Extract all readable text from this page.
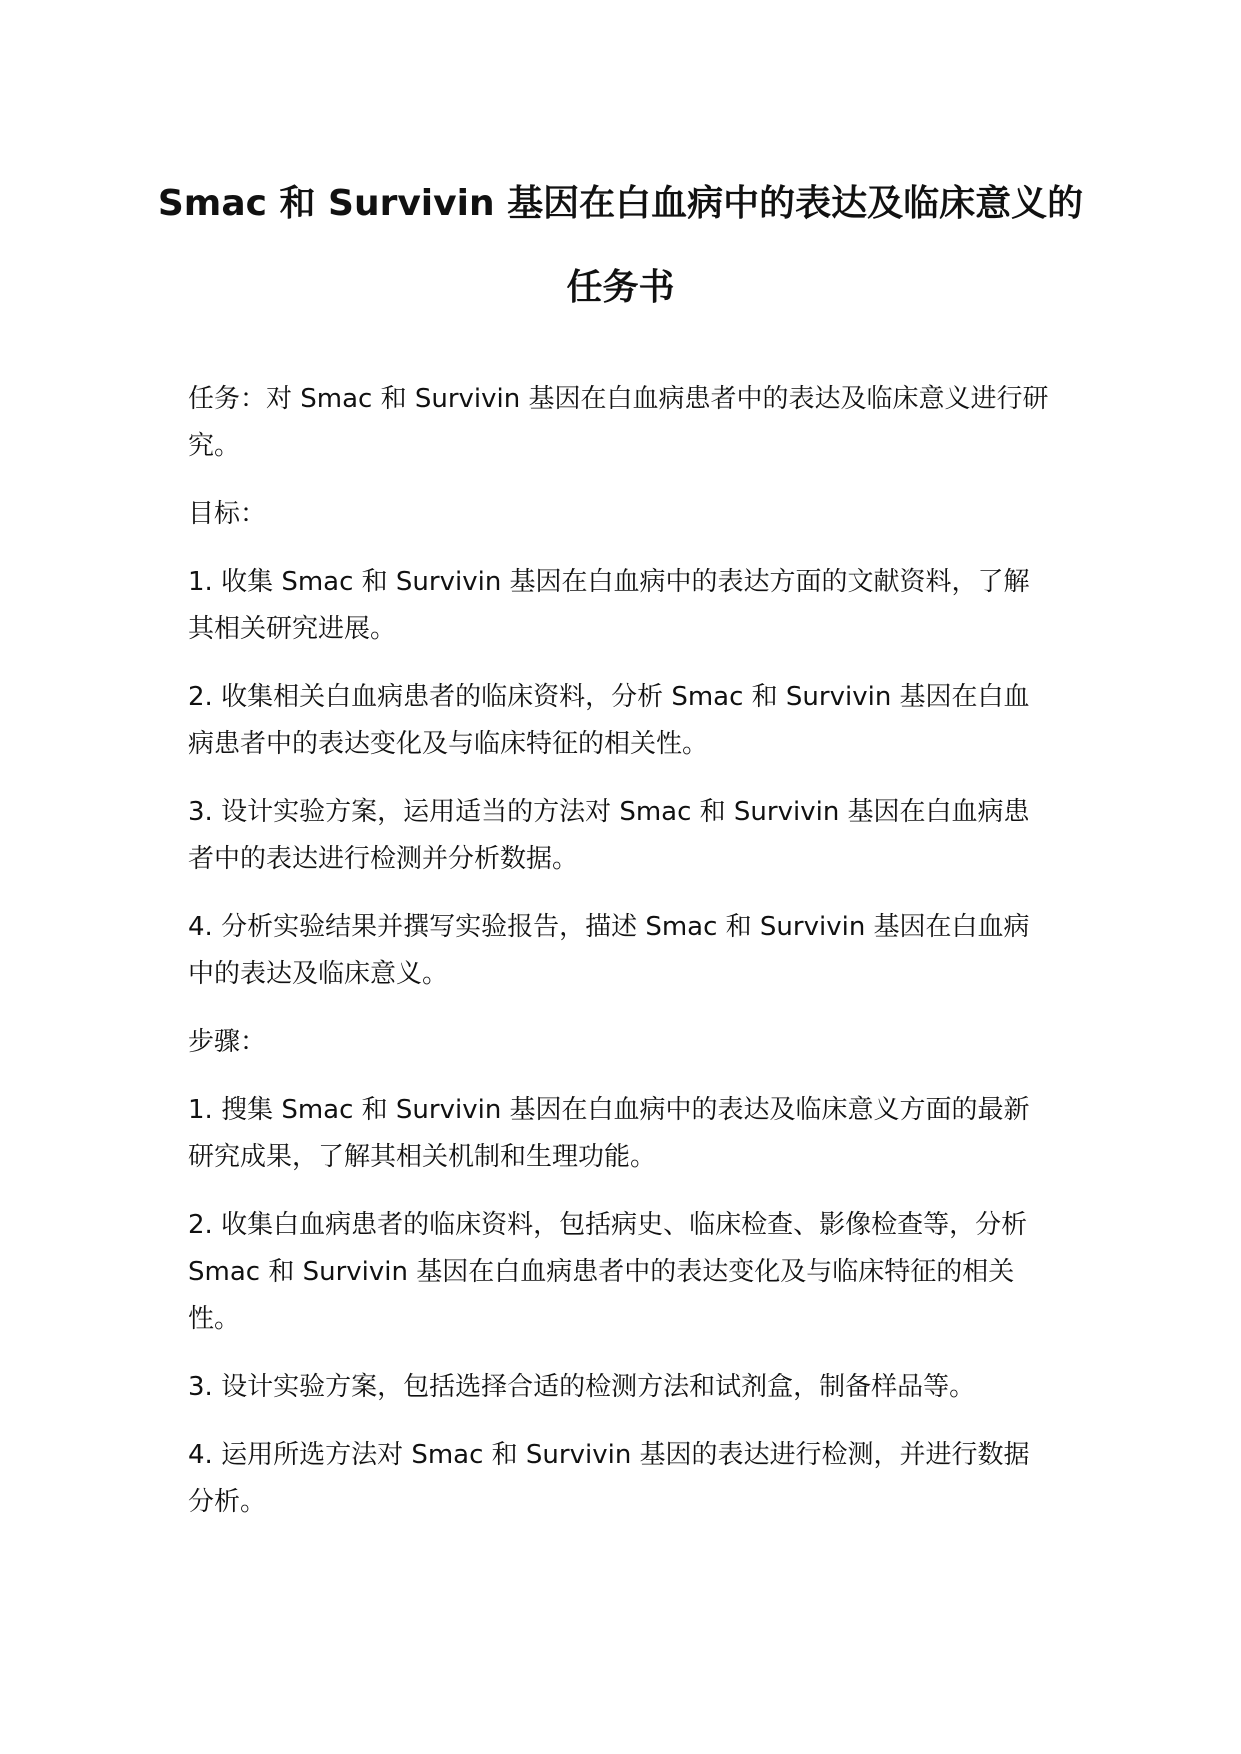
Smac 和 Survivin 基因在白血病中的表达及临床意义的任务书

任务：对 Smac 和 Survivin 基因在白血病患者中的表达及临床意义进行研究。

目标：

1. 收集 Smac 和 Survivin 基因在白血病中的表达方面的文献资料，了解其相关研究进展。

2. 收集相关白血病患者的临床资料，分析 Smac 和 Survivin 基因在白血病患者中的表达变化及与临床特征的相关性。

3. 设计实验方案，运用适当的方法对 Smac 和 Survivin 基因在白血病患者中的表达进行检测并分析数据。

4. 分析实验结果并撰写实验报告，描述 Smac 和 Survivin 基因在白血病中的表达及临床意义。

步骤：

1. 搜集 Smac 和 Survivin 基因在白血病中的表达及临床意义方面的最新研究成果，了解其相关机制和生理功能。

2. 收集白血病患者的临床资料，包括病史、临床检查、影像检查等，分析 Smac 和 Survivin 基因在白血病患者中的表达变化及与临床特征的相关性。

3. 设计实验方案，包括选择合适的检测方法和试剂盒，制备样品等。

4. 运用所选方法对 Smac 和 Survivin 基因的表达进行检测，并进行数据分析。
